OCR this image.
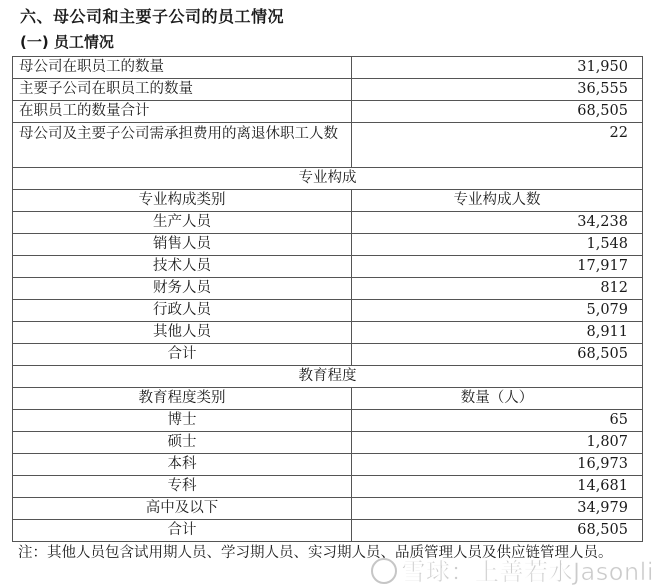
六、母公司和主要子公司的员工情况
(一) 员工情况
母公司在职员工的数量	31,950
主要子公司在职员工的数量	36,555
在职员工的数量合计	68,505
母公司及主要子公司需承担费用的离退休职工人数	22
专业构成	
专业构成类别	专业构成人数
生产人员	34,238
销售人员	1,548
技术人员	17,917
财务人员	812
行政人员	5,079
其他人员	8,911
合计	68,505
教育程度	
教育程度类别	数量（人）
博士	65
硕士	1,807
本科	16,973
专科	14,681
高中及以下	34,979
合计	68,505
注：其他人员包含试用期人员、学习期人员、实习期人员、品质管理人员及供应链管理人员。
雪球：上善若水Jasonli
